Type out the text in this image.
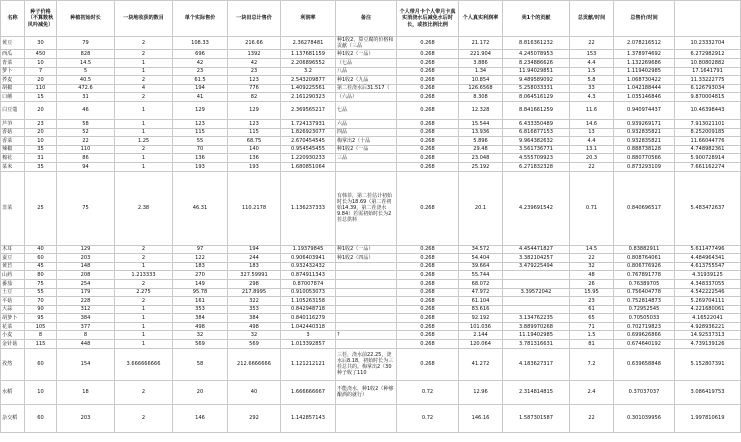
名称	种子价格（不算数秋风吟减免）	种植初始时长	一块地收获的数目	单个实际售价	一块田总计售价	利润率	备注	个人带月卡个人带月卡真实消浇水后减免水后时长，或按比例比例	个人真实利润率	卖1个的贡献	总贡献/时间	总售价/时间	
黄豆	30	79	2	108.33	216.66	2.36278481	种1收2，算豆腐的价格和贡献（三品	0.268	21.172	8.816361232	22	2.078216512	10.23332704
西瓜	450	828	2	696	1392	1.137681159	种1收2（一品）	0.268	221.904	4.245078953	153	1.378974692	6.272982912
青菜	10	14.5	1	42	42	2.206896552	（七品	0.268	3.886	8.234886626	4.4	1.132269686	10.80802882
萝卜	7	5	1	23	23	3.2	八品	0.268	1.34	11.94029851	1.5	1.119402985	17.1641791
荞麦	20	40.5	2	61.5	123	2.543209877	种1收2（九品	0.268	10.854	9.489589092	5.8	1.068730422	11.33222775
胡椒	110	472.6	4	194	776	1.409225561	第二茬浇水后31.517（	0.268	126.6568	5.258033331	33	1.042188444	6.126793034
口蘑	15	31	2	41	82	2.161290323	（六品）	0.268	8.308	8.064516129	4.3	1.035146846	9.870004815
白豆蔻	20	46	1	129	129	2.369565217	七品	0.268	12.328	8.841661259	11.6	0.940974437	10.46398443
芦笋	23	58	1	123	123	1.724137931	六品	0.268	15.544	6.433350489	14.6	0.939269171	7.913021101
香菇	20	52	1	115	115	1.826923077	四品	0.268	13.936	6.816877153	13	0.932835821	8.252009185
香菜	10	22	1.25	55	68.75	2.670454545	梅掌出2（十品	0.268	5.896	9.964382632	4.4	0.932835821	11.66044776
辣椒	35	110	2	70	140	0.954545455	种1收2（一品	0.268	29.48	3.561736771	13.1	0.888738128	4.748982361
棉花	31	86	1	136	136	1.220930233	三品	0.268	23.048	4.555709923	20.3	0.880770566	5.900728914
菜米	35	94	1	193	193	1.680851064		0.268	25.192	6.271832328	22	0.873293109	7.661162274
韭菜	25	75	2.38	46.31	110.2178	1.136237333	有韩菲，第二茬估计初始时长为18.69（第二茬初始14.39，第二茬浇水9.84）若需初始时长为2茬总供料	0.268	20.1	4.239691542	0.71	0.840696517	5.483472637
木耳	40	129	2	97	194	1.19379845	种1收2（一品）	0.268	34.572	4.454471827	14.5	0.83882911	5.611477496
蚕豆	60	203	2	122	244	0.906403941	种1收2（四品）	0.268	54.404	3.382104257	22	0.808764061	4.484964341
黄苣	45	148	1	183	183	0.932432432		0.268	39.664	3.479225494	32	0.806776926	4.613755547
山药	80	208	1.213333	270	327.59991	0.874911343		0.268	55.744		48	0.767891778	4.31939125
番茄	75	254	2	149	298	0.87007874		0.268	68.072		26	0.76389705	4.348337055
土豆	55	179	2.275	95.78	217.8995	0.910053073		0.268	47.972	3.39572042	15.95	0.756404778	4.542222546
平菇	70	228	2	161	322	1.105263158		0.268	61.104		23	0.752814873	5.269704111
大蒜	90	312	1	353	353	0.842948718		0.268	83.616		61	0.72952545	4.221680061
胡萝卜	95	384	1	384	384	0.840116279		0.268	92.192	3.134762235	65	0.70505033	4.16522041
花菜	105	377	1	498	498	1.042440318		0.268	101.036	3.889970268	71	0.702719823	4.928936221
小麦	8	8	1	32	32	3	?	0.268	2.144	11.19402985	1.5	0.699626866	14.92537313
金针菇	115	448	1	569	569	1.013392857		0.268	120.064	3.781316631	81	0.674640192	4.739139126
孜然	60	154	3.666666666	58	212.6666666	1.121212121	三茬，浇水前22.25，浇水后8.18，初始时长为三茬总共的。梅掌出2（30种子收了110	0.268	41.272	4.183627317	7.2	0.639658848	5.152807391
水稻	10	18	2	20	40	1.666666667	不能浇水，种1收2（种够酿酒的就行）	0.72	12.96	2.314814815	2.4	0.37037037	3.086419753
杂交稻	60	203	2	146	292	1.142857143		0.72	146.16	1.587301587	22	0.301039956	1.997810619
